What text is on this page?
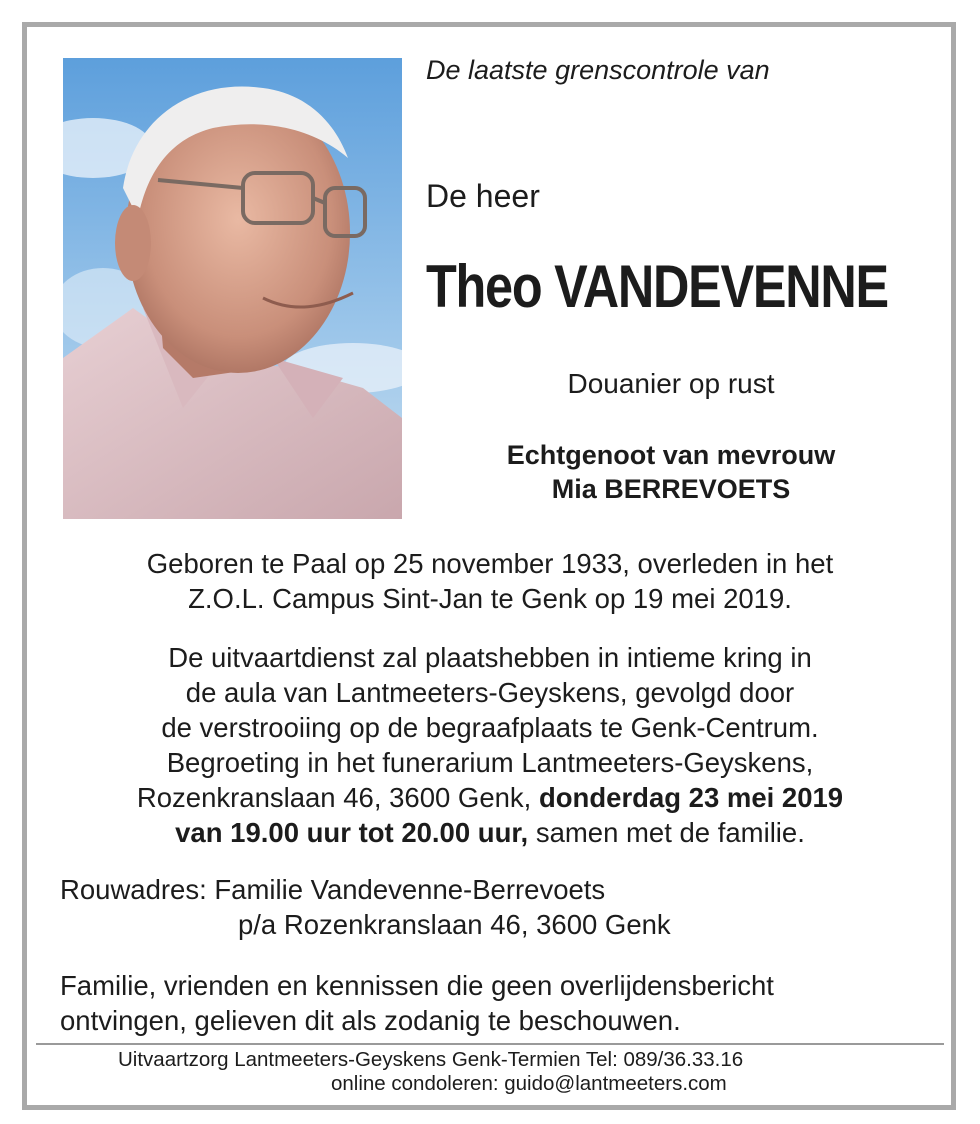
De laatste grenscontrole van
De heer
Theo VANDEVENNE
Douanier op rust
Echtgenoot van mevrouw
Mia BERREVOETS
Geboren te Paal op 25 november 1933, overleden in het
Z.O.L. Campus Sint-Jan te Genk op 19 mei 2019.
De uitvaartdienst zal plaatshebben in intieme kring in
de aula van Lantmeeters-Geyskens, gevolgd door
de verstrooiing op de begraafplaats te Genk-Centrum.
Begroeting in het funerarium Lantmeeters-Geyskens,
Rozenkranslaan 46, 3600 Genk, donderdag 23 mei 2019
van 19.00 uur tot 20.00 uur, samen met de familie.
Rouwadres: Familie Vandevenne-Berrevoets
p/a Rozenkranslaan 46, 3600 Genk
Familie, vrienden en kennissen die geen overlijdensbericht
ontvingen, gelieven dit als zodanig te beschouwen.
Uitvaartzorg Lantmeeters-Geyskens Genk-Termien Tel: 089/36.33.16
online condoleren: guido@lantmeeters.com
